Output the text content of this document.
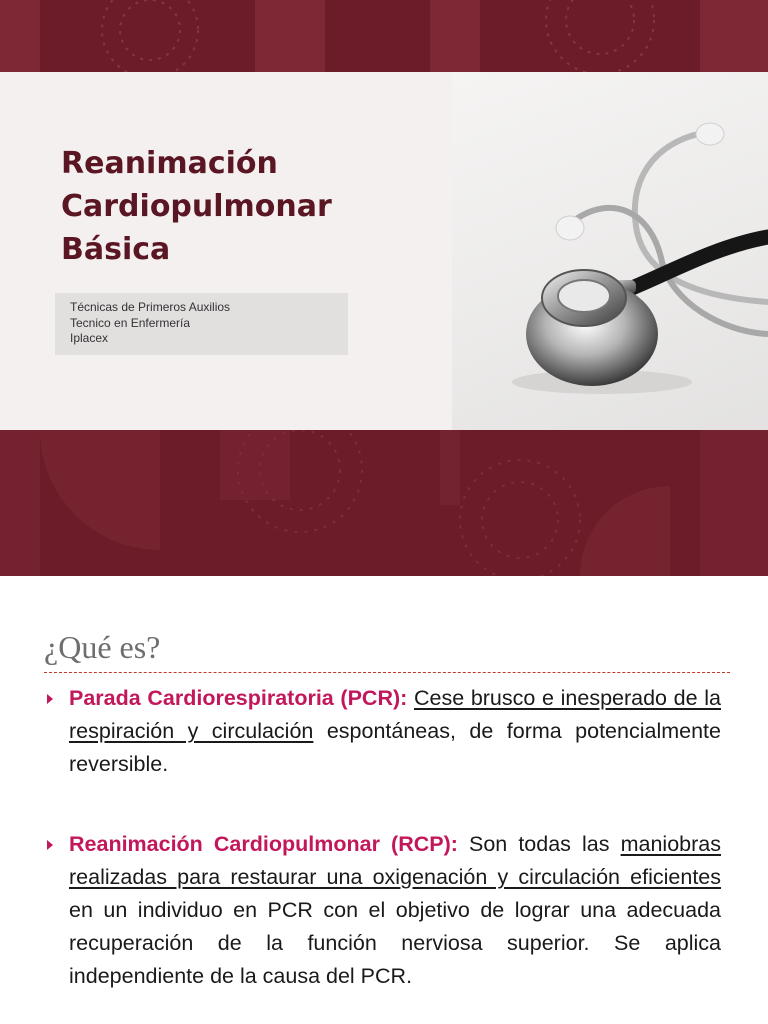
Reanimación
Cardiopulmonar
Básica
Técnicas de Primeros Auxilios
Tecnico en Enfermería
Iplacex
¿Qué es?

Parada Cardiorespiratoria (PCR): Cese brusco e inesperado de la respiración y circulación espontáneas, de forma potencialmente reversible.

Reanimación Cardiopulmonar (RCP): Son todas las maniobras realizadas para restaurar una oxigenación y circulación eficientes en un individuo en PCR con el objetivo de lograr una adecuada recuperación de la función nerviosa superior. Se aplica independiente de la causa del PCR.
